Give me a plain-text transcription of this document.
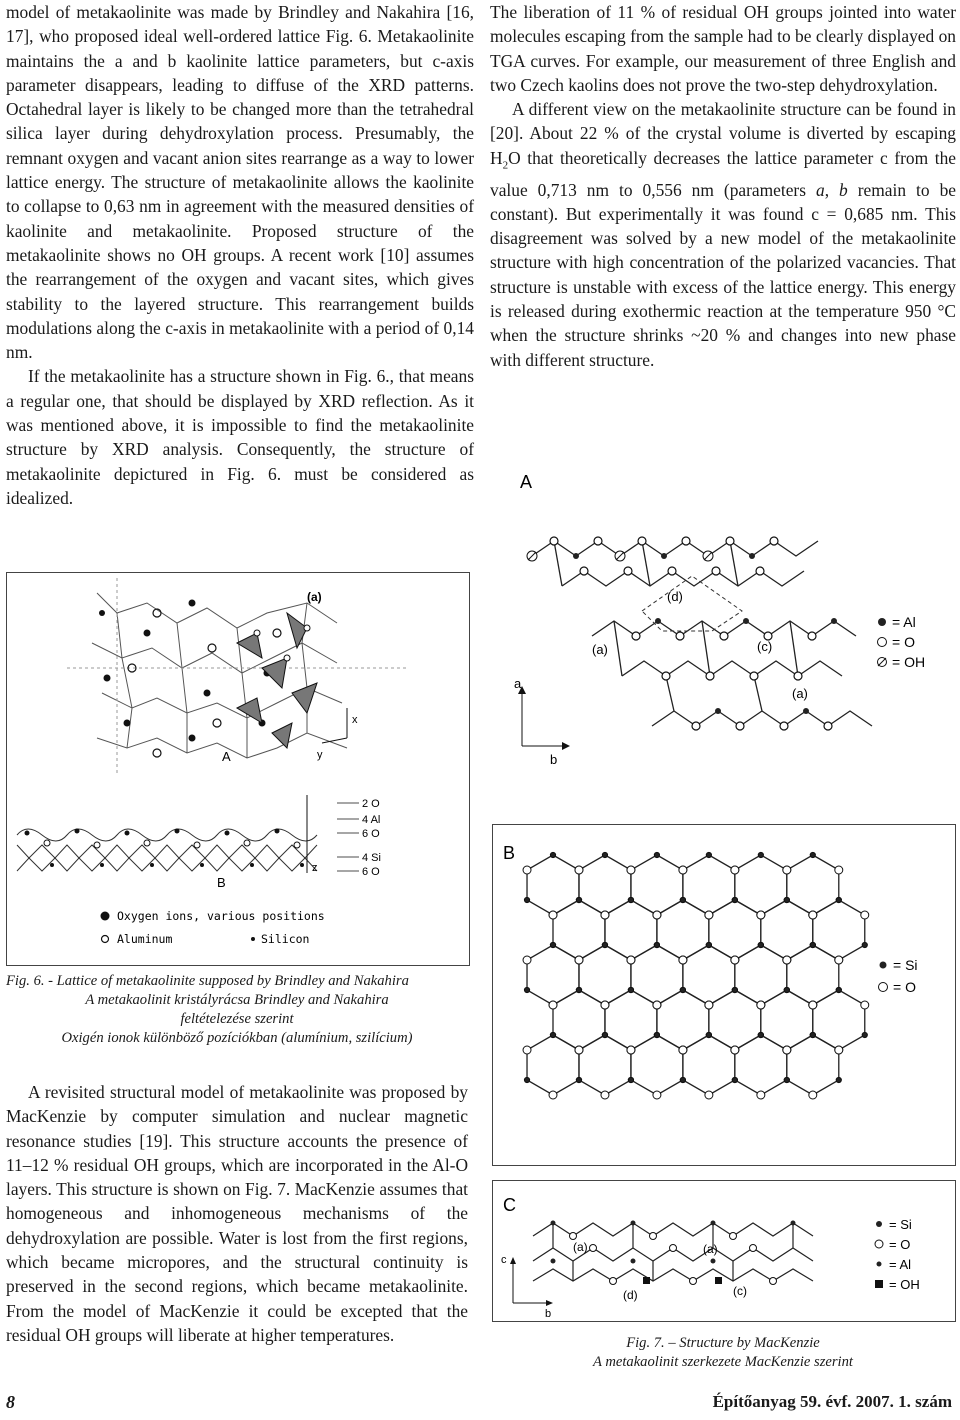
model of metakaolinite was made by Brindley and Nakahira [16, 17], who proposed ideal well-ordered lattice Fig. 6. Metakaolinite maintains the a and b kaolinite lattice parameters, but c-axis parameter disappears, leading to diffuse of the XRD patterns. Octahedral layer is likely to be changed more than the tetrahedral silica layer during dehydroxylation process. Presumably, the remnant oxygen and vacant anion sites rearrange as a way to lower lattice energy. The structure of metakaolinite allows the kaolinite to collapse to 0,63 nm in agreement with the measured densities of kaolinite and metakaolinite. Proposed structure of the metakaolinite shows no OH groups. A recent work [10] assumes the rearrangement of the oxygen and vacant sites, which gives stability to the layered structure. This rearrangement builds modulations along the c-axis in metakaolinite with a period of 0,14 nm.

If the metakaolinite has a structure shown in Fig. 6., that means a regular one, that should be displayed by XRD reflection. As it was mentioned above, it is impossible to find the metakaolinite structure by XRD analysis. Consequently, the structure of metakaolinite depictured in Fig. 6. must be considered as idealized.

The liberation of 11 % of residual OH groups jointed into water molecules escaping from the sample had to be clearly displayed on TGA curves. For example, our measurement of three English and two Czech kaolins does not prove the two-step dehydroxylation.

A different view on the metakaolinite structure can be found in [20]. About 22 % of the crystal volume is diverted by escaping $H_2O$ that theoretically decreases the lattice parameter c from the value 0,713 nm to 0,556 nm (parameters a, b remain to be constant). But experimentally it was found c = 0,685 nm. This disagreement was solved by a new model of the metakaolinite structure with high concentration of the polarized vacancies. That structure is unstable with excess of the lattice energy. This energy is released during exothermic reaction at the temperature 950 °C when the structure shrinks ~20 % and changes into new phase with different structure.

A revisited structural model of metakaolinite was proposed by MacKenzie by computer simulation and nuclear magnetic resonance studies [19]. This structure accounts the presence of 11–12 % residual OH groups, which are incorporated in the Al-O layers. This structure is shown on Fig. 7. MacKenzie assumes that homogeneous and inhomogeneous mechanisms of the dehydroxylation are possible. Water is lost from the first regions, which became micropores, and the structural continuity is preserved in the second regions, which became metakaolinite. From the model of MacKenzie it could be excepted that the residual OH groups will liberate at higher temperatures.

(a)
x
y
A
z
B
2 O
4 Al
6 O
4 Si
6 O
Oxygen ions, various positions
Aluminum	Silicon
Fig. 6. - Lattice of metakaolinite supposed by Brindley and Nakahira
A metakaolinit kristályrácsa Brindley and Nakahira
feltételezése szerint
Oxigén ionok különböző pozíciókban (alumínium, szilícium)
A
(d)
(c)
(a)
(a)
= Al
= O
= OH
a
b
B
= Si
= O
C
(a)	(a)
(d)	(c)
= Si
= O
= Al
= OH
c
b
Fig. 7. – Structure by MacKenzie
A metakaolinit szerkezete MacKenzie szerint
8	Építőanyag 59. évf. 2007. 1. szám
